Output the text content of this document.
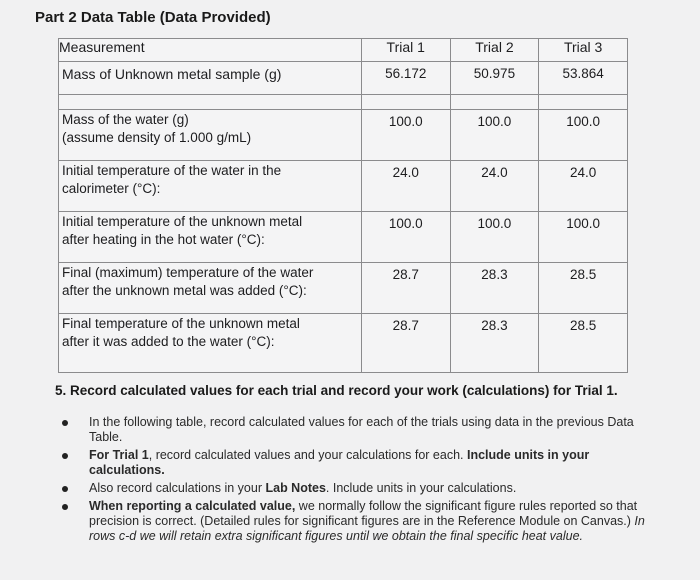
Part 2 Data Table (Data Provided)
Measurement	Trial 1	Trial 2	Trial 3
Mass of Unknown metal sample (g)	56.172	50.975	53.864

Mass of the water (g)
(assume density of 1.000 g/mL)	100.0	100.0	100.0

Initial temperature of the water in the
calorimeter (°C):	24.0	24.0	24.0

Initial temperature of the unknown metal
after heating in the hot water (°C):	100.0	100.0	100.0

Final (maximum) temperature of the water
after the unknown metal was added (°C):	28.7	28.3	28.5

Final temperature of the unknown metal
after it was added to the water (°C):	28.7	28.3	28.5
5. Record calculated values for each trial and record your work (calculations) for Trial 1.
In the following table, record calculated values for each of the trials using data in the previous Data Table.
For Trial 1, record calculated values and your calculations for each. Include units in your calculations.
Also record calculations in your Lab Notes. Include units in your calculations.
When reporting a calculated value, we normally follow the significant figure rules reported so that precision is correct. (Detailed rules for significant figures are in the Reference Module on Canvas.) In rows c-d we will retain extra significant figures until we obtain the final specific heat value.
